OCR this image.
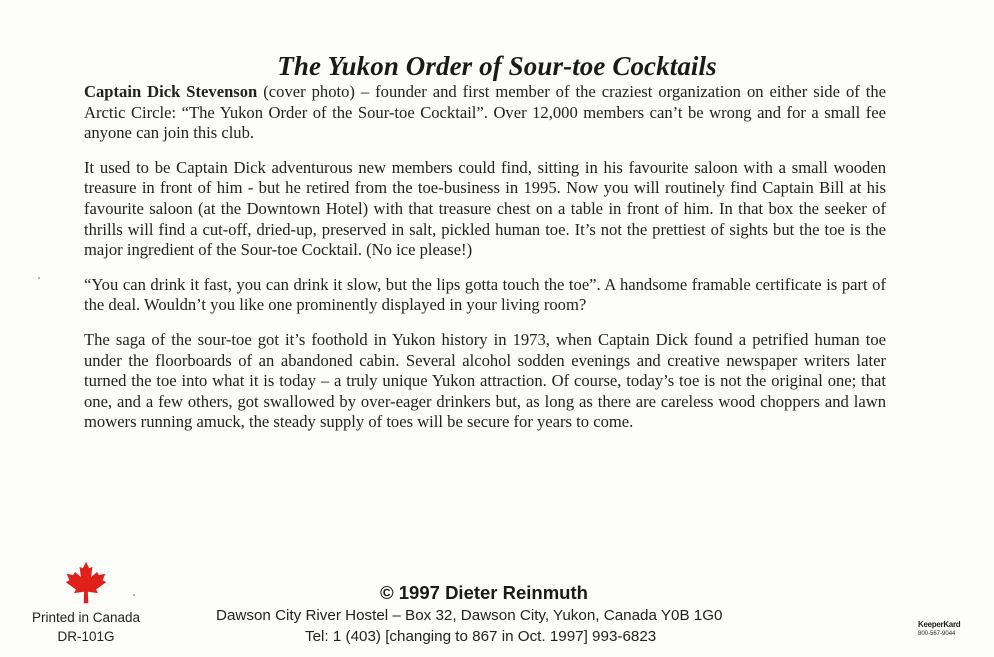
The Yukon Order of Sour-toe Cocktails

Captain Dick Stevenson (cover photo) – founder and first member of the craziest organization on either side of the Arctic Circle: “The Yukon Order of the Sour-toe Cocktail”. Over 12,000 members can’t be wrong and for a small fee anyone can join this club.

It used to be Captain Dick adventurous new members could find, sitting in his favourite saloon with a small wooden treasure in front of him - but he retired from the toe-business in 1995. Now you will routinely find Captain Bill at his favourite saloon (at the Downtown Hotel) with that treasure chest on a table in front of him. In that box the seeker of thrills will find a cut-off, dried-up, preserved in salt, pickled human toe. It’s not the prettiest of sights but the toe is the major ingredient of the Sour-toe Cocktail. (No ice please!)

“You can drink it fast, you can drink it slow, but the lips gotta touch the toe”. A handsome framable certificate is part of the deal. Wouldn’t you like one prominently displayed in your living room?

The saga of the sour-toe got it’s foothold in Yukon history in 1973, when Captain Dick found a petrified human toe under the floorboards of an abandoned cabin. Several alcohol sodden evenings and creative newspaper writers later turned the toe into what it is today – a truly unique Yukon attraction. Of course, today’s toe is not the original one; that one, and a few others, got swallowed by over-eager drinkers but, as long as there are careless wood choppers and lawn mowers running amuck, the steady supply of toes will be secure for years to come.

Printed in Canada
DR-101G
© 1997 Dieter Reinmuth
Dawson City River Hostel – Box 32, Dawson City, Yukon, Canada Y0B 1G0
Tel: 1 (403) [changing to 867 in Oct. 1997] 993-6823
KeeperKard
800-567-9044
